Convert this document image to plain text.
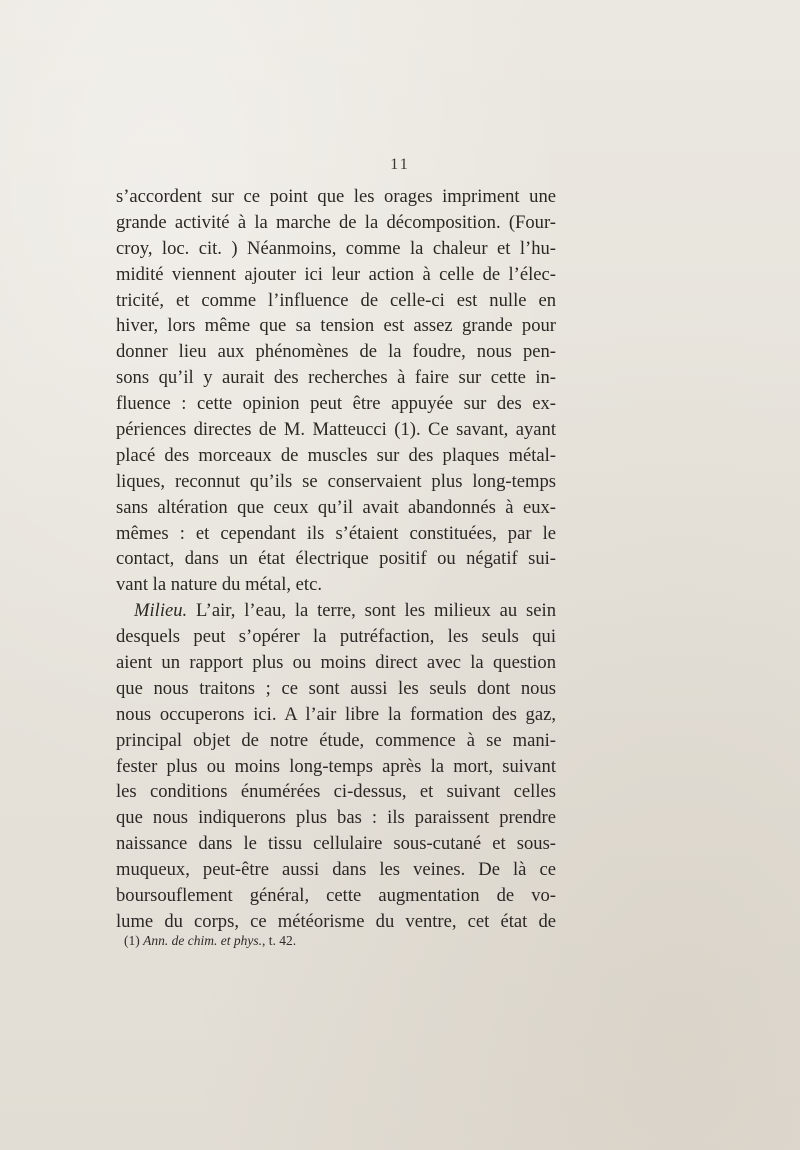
11
s’accordent sur ce point que les orages impriment une
grande activité à la marche de la décomposition. (Four-
croy, loc. cit. ) Néanmoins, comme la chaleur et l’hu-
midité viennent ajouter ici leur action à celle de l’élec-
tricité, et comme l’influence de celle-ci est nulle en
hiver, lors même que sa tension est assez grande pour
donner lieu aux phénomènes de la foudre, nous pen-
sons qu’il y aurait des recherches à faire sur cette in-
fluence : cette opinion peut être appuyée sur des ex-
périences directes de M. Matteucci (1). Ce savant, ayant
placé des morceaux de muscles sur des plaques métal-
liques, reconnut qu’ils se conservaient plus long-temps
sans altération que ceux qu’il avait abandonnés à eux-
mêmes : et cependant ils s’étaient constituées, par le
contact, dans un état électrique positif ou négatif sui-
vant la nature du métal, etc.
Milieu. L’air, l’eau, la terre, sont les milieux au sein
desquels peut s’opérer la putréfaction, les seuls qui
aient un rapport plus ou moins direct avec la question
que nous traitons ; ce sont aussi les seuls dont nous
nous occuperons ici. A l’air libre la formation des gaz,
principal objet de notre étude, commence à se mani-
fester plus ou moins long-temps après la mort, suivant
les conditions énumérées ci-dessus, et suivant celles
que nous indiquerons plus bas : ils paraissent prendre
naissance dans le tissu cellulaire sous-cutané et sous-
muqueux, peut-être aussi dans les veines. De là ce
boursouflement général, cette augmentation de vo-
lume du corps, ce météorisme du ventre, cet état de
(1) Ann. de chim. et phys., t. 42.
